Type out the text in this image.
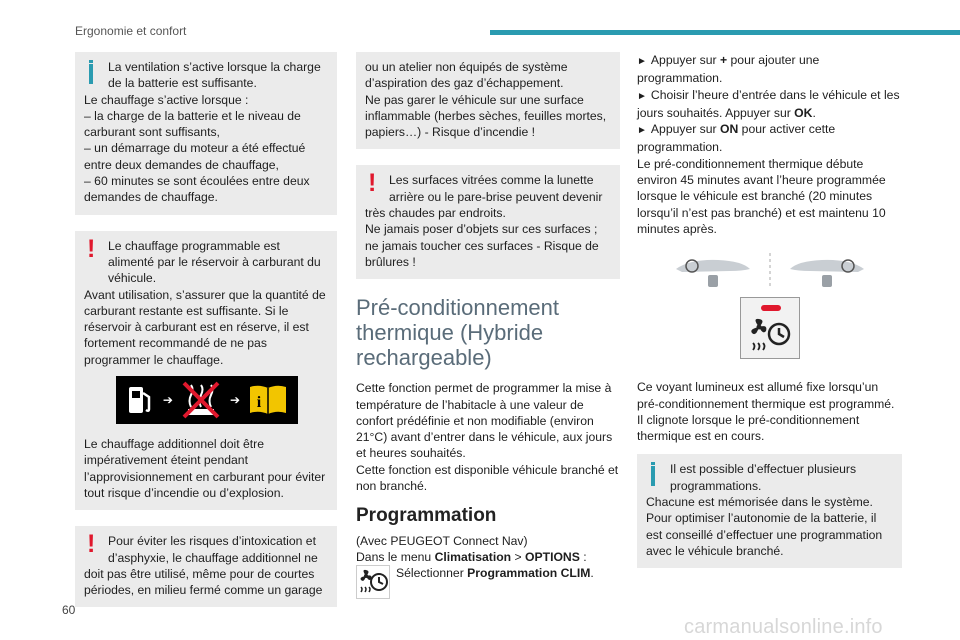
Ergonomie et confort

La ventilation s’active lorsque la charge de la batterie est suffisante.

Le chauffage s’active lorsque :

– la charge de la batterie et le niveau de carburant sont suffisants,

– un démarrage du moteur a été effectué entre deux demandes de chauffage,

– 60 minutes se sont écoulées entre deux demandes de chauffage.

!	Le chauffage programmable est alimenté par le réservoir à carburant du véhicule.

Avant utilisation, s’assurer que la quantité de carburant restante est suffisante. Si le réservoir à carburant est en réserve, il est fortement recommandé de ne pas programmer le chauffage.

➔	➔ i

Le chauffage additionnel doit être impérativement éteint pendant l’approvisionnement en carburant pour éviter tout risque d’incendie ou d’explosion.

!	Pour éviter les risques d’intoxication et d’asphyxie, le chauffage additionnel ne

doit pas être utilisé, même pour de courtes périodes, en milieu fermé comme un garage

ou un atelier non équipés de système d’aspiration des gaz d’échappement.

Ne pas garer le véhicule sur une surface inflammable (herbes sèches, feuilles mortes, papiers…) - Risque d’incendie !

!	Les surfaces vitrées comme la lunette arrière ou le pare-brise peuvent devenir

très chaudes par endroits.

Ne jamais poser d’objets sur ces surfaces ; ne jamais toucher ces surfaces - Risque de brûlures !

Pré-conditionnement thermique (Hybride rechargeable)

Cette fonction permet de programmer la mise à température de l’habitacle à une valeur de confort prédéfinie et non modifiable (environ 21°C) avant d’entrer dans le véhicule, aux jours et heures souhaités.

Cette fonction est disponible véhicule branché et non branché.

Programmation

(Avec PEUGEOT Connect Nav)

Dans le menu Climatisation > OPTIONS :

Sélectionner Programmation CLIM.

► Appuyer sur + pour ajouter une programmation.

► Choisir l’heure d’entrée dans le véhicule et les jours souhaités. Appuyer sur OK.

► Appuyer sur ON pour activer cette programmation.

Le pré-conditionnement thermique débute environ 45 minutes avant l’heure programmée lorsque le véhicule est branché (20 minutes lorsqu’il n’est pas branché) et est maintenu 10 minutes après.

Ce voyant lumineux est allumé fixe lorsqu’un pré-conditionnement thermique est programmé. Il clignote lorsque le pré-conditionnement thermique est en cours.

Il est possible d’effectuer plusieurs programmations.

Chacune est mémorisée dans le système.

Pour optimiser l’autonomie de la batterie, il est conseillé d’effectuer une programmation avec le véhicule branché.

60
carmanualsonline.info
